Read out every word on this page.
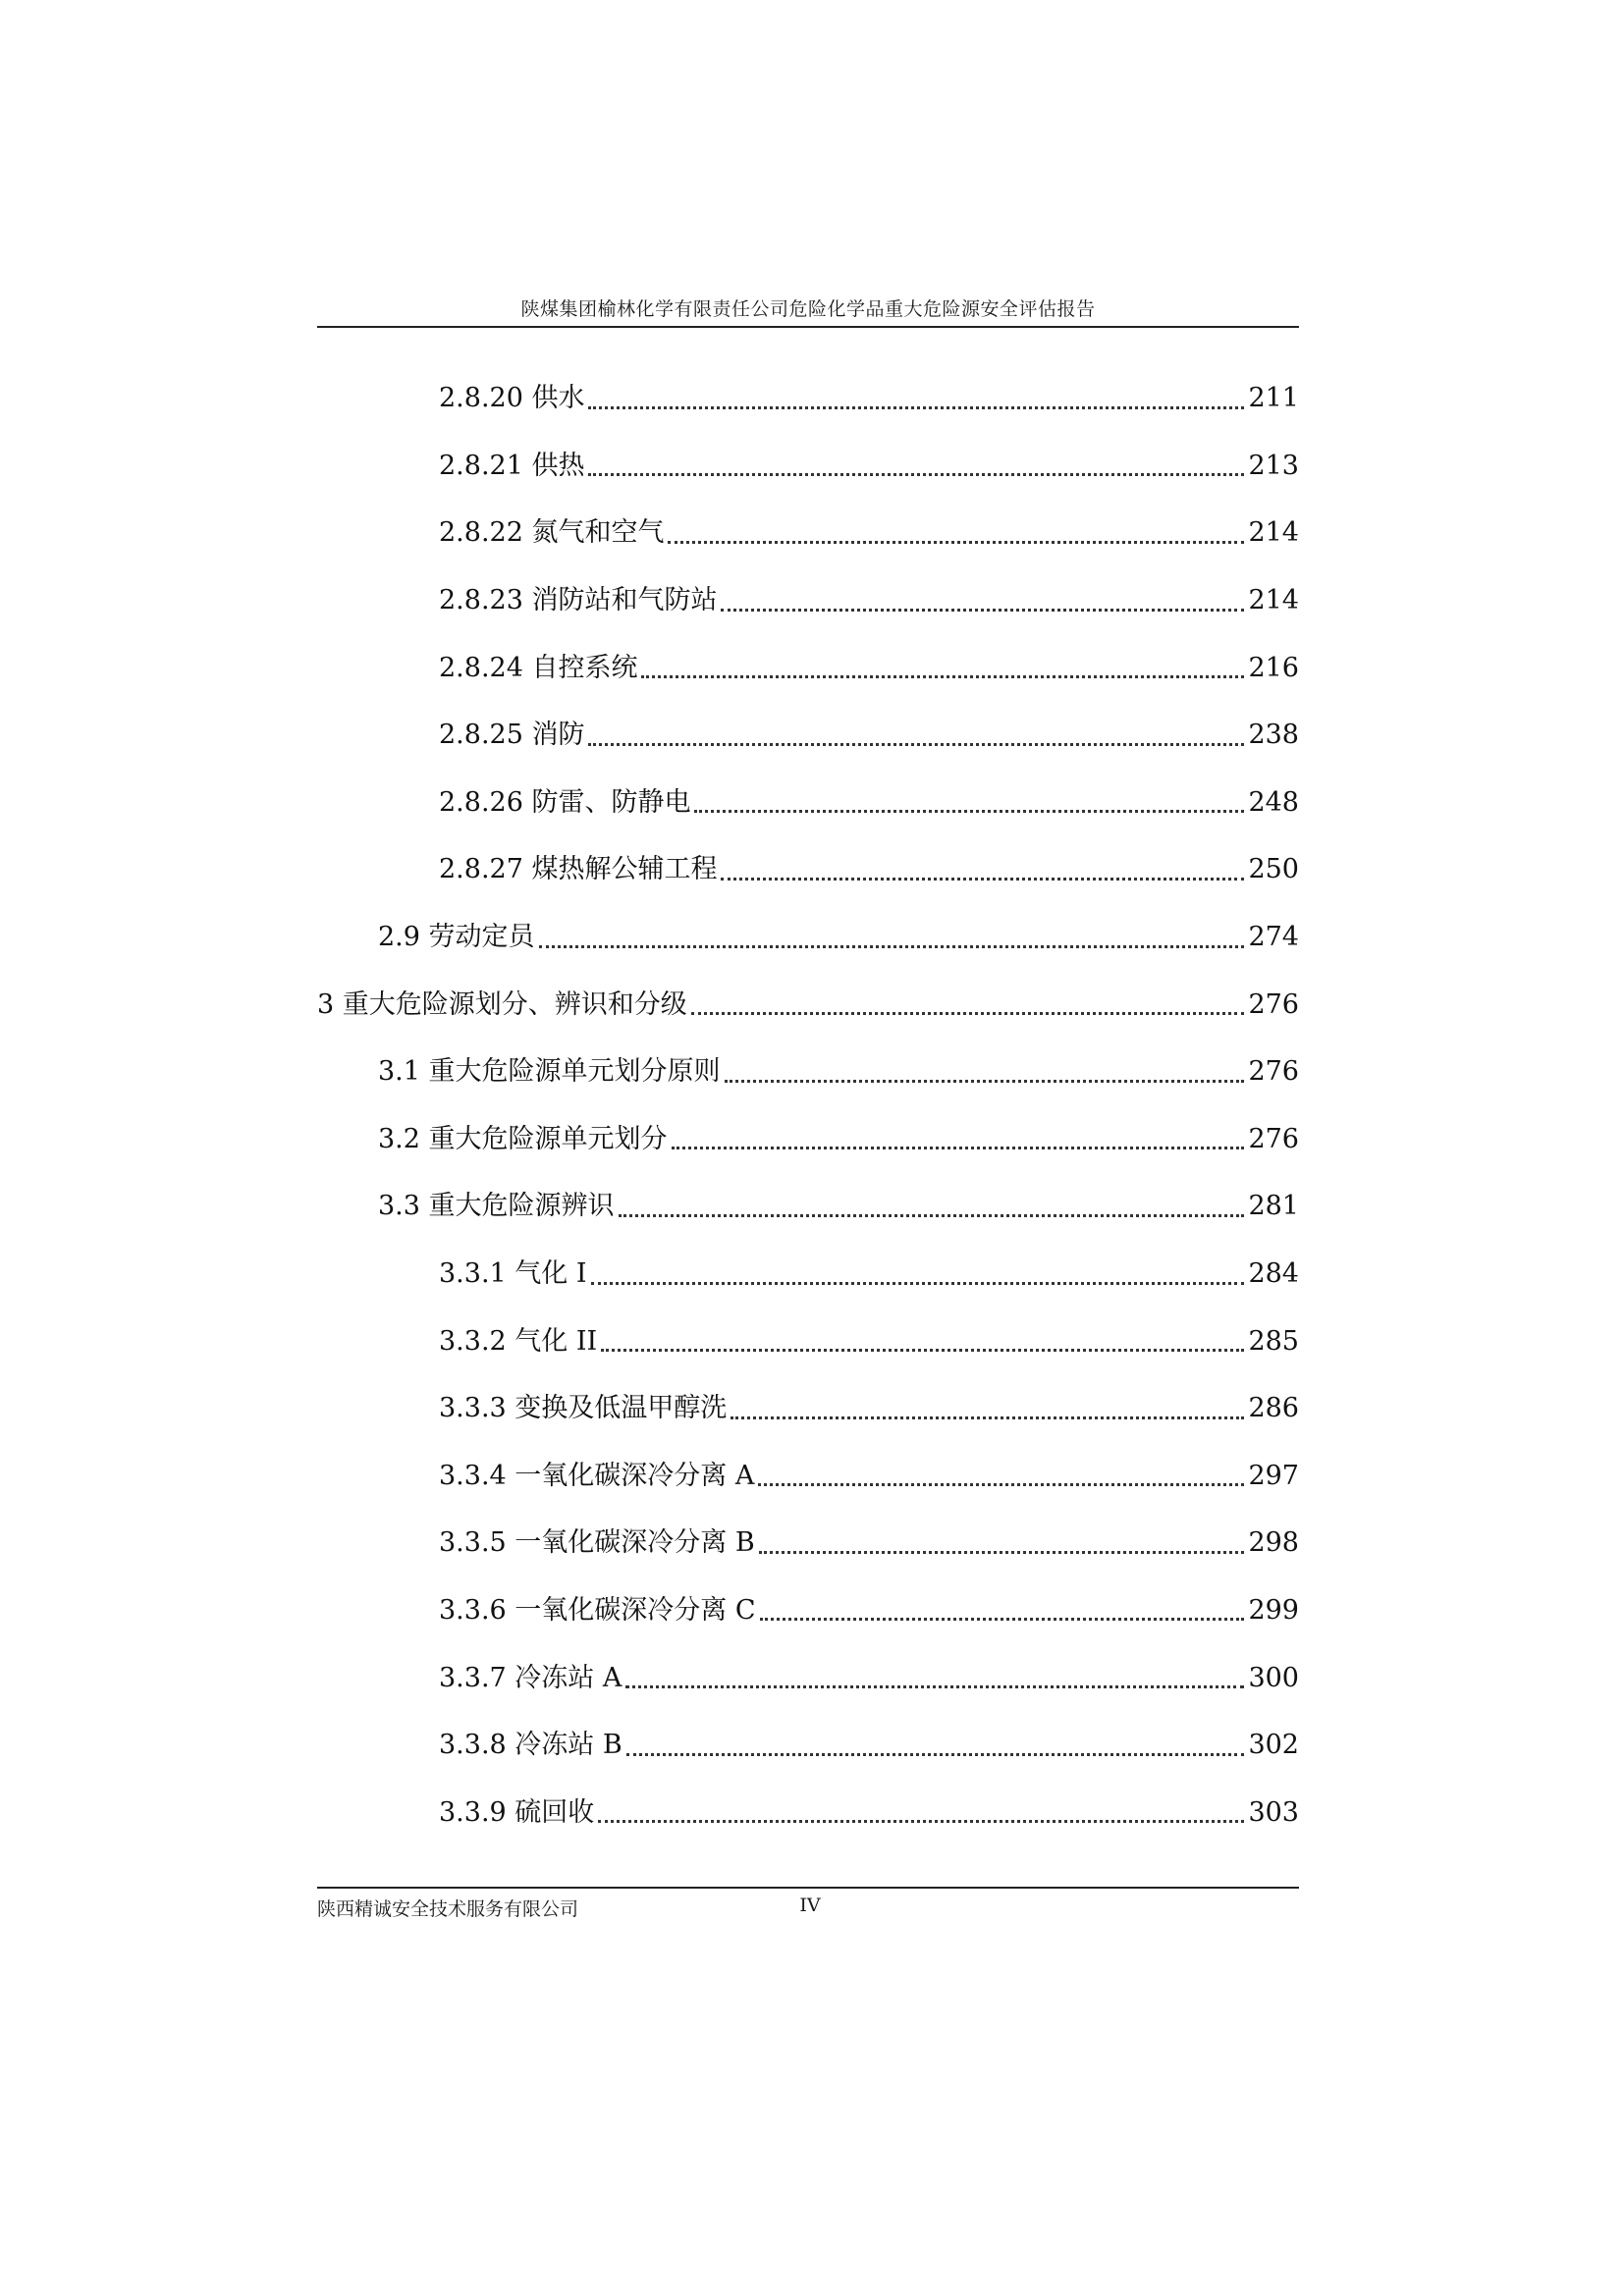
陕煤集团榆林化学有限责任公司危险化学品重大危险源安全评估报告
2.8.20 供水	211
2.8.21 供热	213
2.8.22 氮气和空气	214
2.8.23 消防站和气防站	214
2.8.24 自控系统	216
2.8.25 消防	238
2.8.26 防雷、防静电	248
2.8.27 煤热解公辅工程	250
2.9 劳动定员	274
3 重大危险源划分、辨识和分级	276
3.1 重大危险源单元划分原则	276
3.2 重大危险源单元划分	276
3.3 重大危险源辨识	281
3.3.1 气化 I	284
3.3.2 气化 II	285
3.3.3 变换及低温甲醇洗	286
3.3.4 一氧化碳深冷分离 A	297
3.3.5 一氧化碳深冷分离 B	298
3.3.6 一氧化碳深冷分离 C	299
3.3.7 冷冻站 A	300
3.3.8 冷冻站 B	302
3.3.9 硫回收	303
陕西精诚安全技术服务有限公司	IV
